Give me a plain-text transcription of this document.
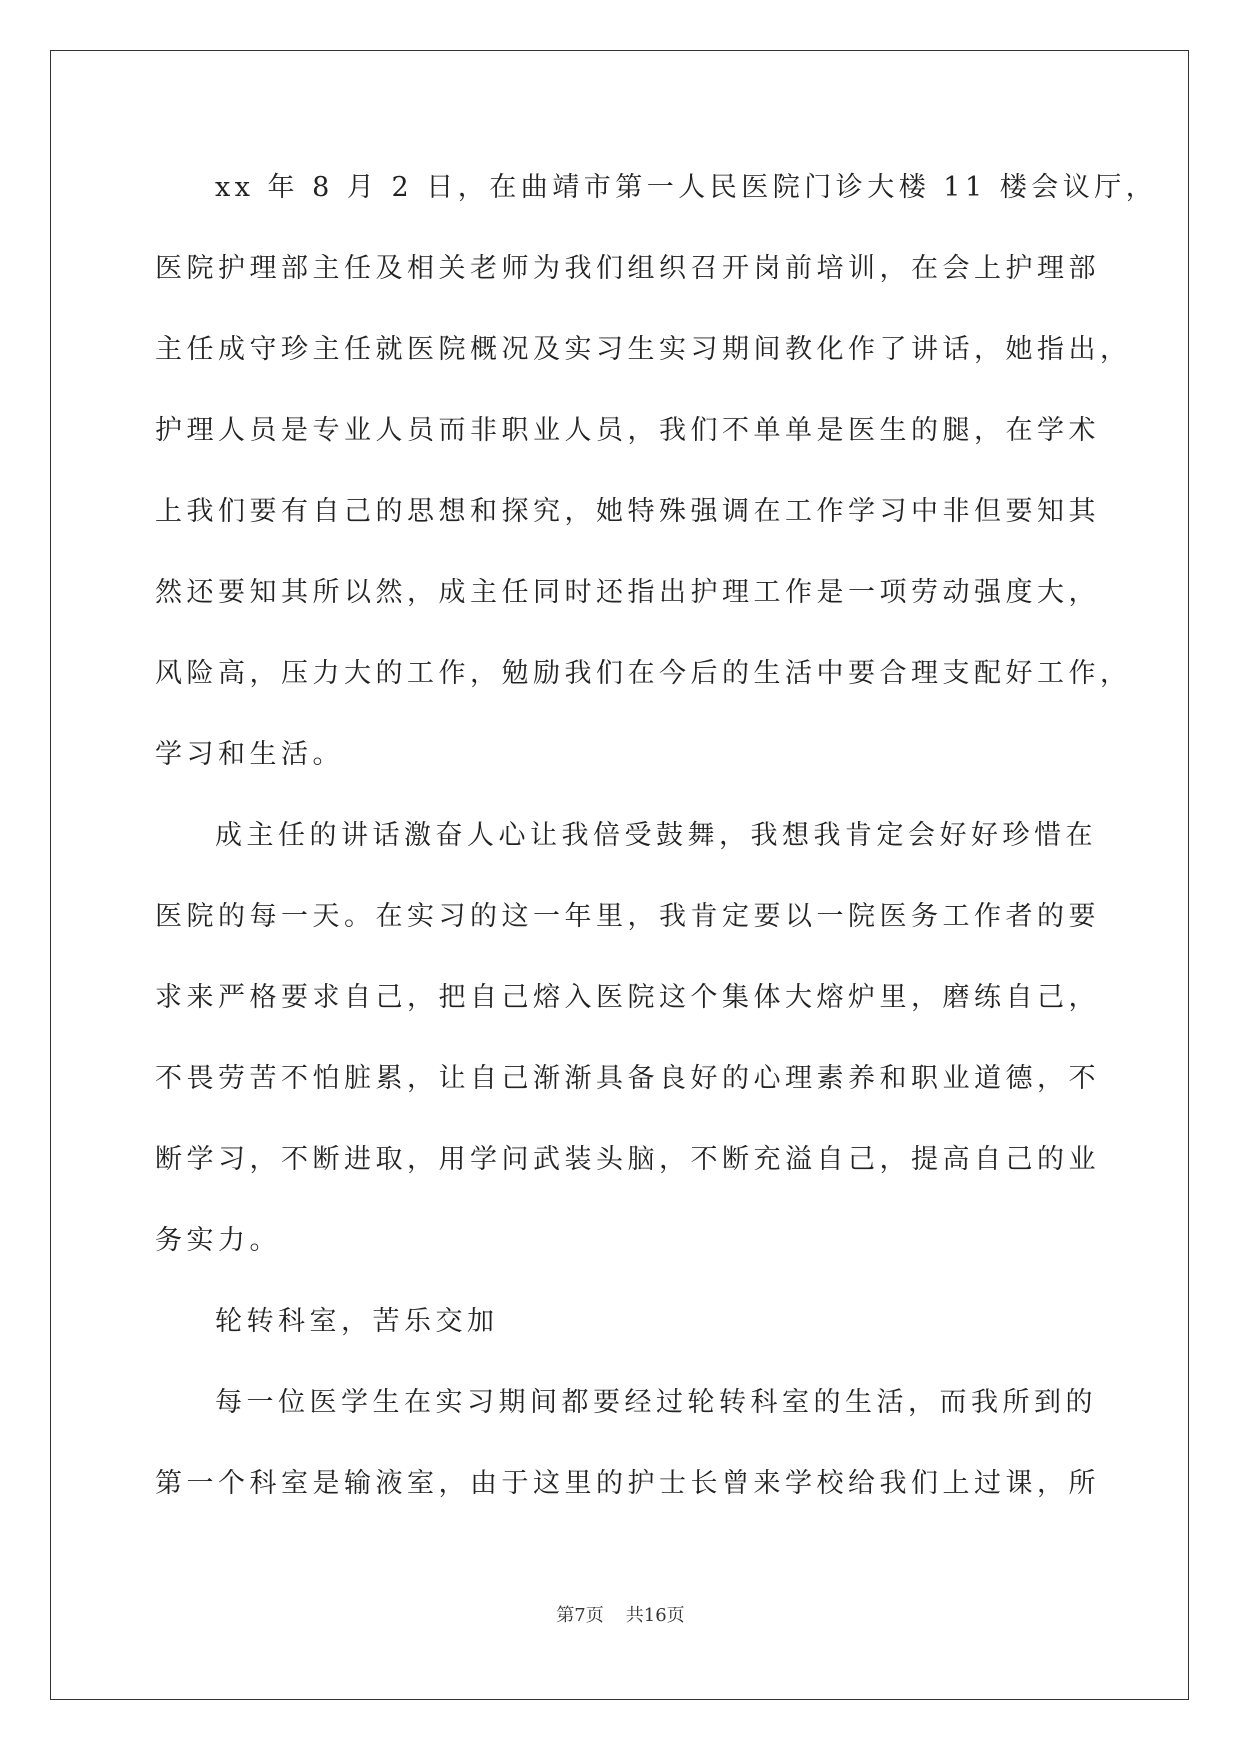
xx 年 8 月 2 日，在曲靖市第一人民医院门诊大楼 11 楼会议厅，
医院护理部主任及相关老师为我们组织召开岗前培训，在会上护理部
主任成守珍主任就医院概况及实习生实习期间教化作了讲话，她指出，
护理人员是专业人员而非职业人员，我们不单单是医生的腿，在学术
上我们要有自己的思想和探究，她特殊强调在工作学习中非但要知其
然还要知其所以然，成主任同时还指出护理工作是一项劳动强度大，
风险高，压力大的工作，勉励我们在今后的生活中要合理支配好工作，
学习和生活。
成主任的讲话激奋人心让我倍受鼓舞，我想我肯定会好好珍惜在
医院的每一天。在实习的这一年里，我肯定要以一院医务工作者的要
求来严格要求自己，把自己熔入医院这个集体大熔炉里，磨练自己，
不畏劳苦不怕脏累，让自己渐渐具备良好的心理素养和职业道德，不
断学习，不断进取，用学问武装头脑，不断充溢自己，提高自己的业
务实力。
轮转科室，苦乐交加
每一位医学生在实习期间都要经过轮转科室的生活，而我所到的
第一个科室是输液室，由于这里的护士长曾来学校给我们上过课，所
第7页 共16页
